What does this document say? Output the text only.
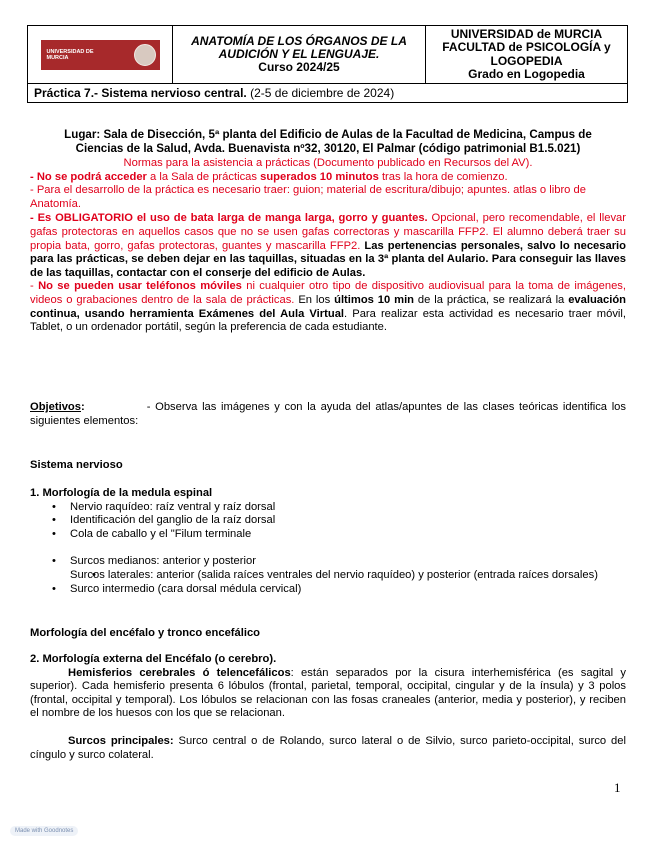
UNIVERSIDAD DE
MURCIA

ANATOMÍA DE LOS ÓRGANOS DE LA
AUDICIÓN Y EL LENGUAJE.
Curso 2024/25

UNIVERSIDAD de MURCIA
FACULTAD de PSICOLOGÍA y
LOGOPEDIA
Grado en Logopedia

Práctica 7.- Sistema nervioso central. (2-5 de diciembre de 2024)
Lugar: Sala de Disección, 5ª planta del Edificio de Aulas de la Facultad de Medicina, Campus de
Ciencias de la Salud, Avda. Buenavista nº32, 30120, El Palmar (código patrimonial B1.5.021)
Normas para la asistencia a prácticas (Documento publicado en Recursos del AV).
- No se podrá acceder a la Sala de prácticas superados 10 minutos tras la hora de comienzo.
- Para el desarrollo de la práctica es necesario traer: guion; material de escritura/dibujo; apuntes. atlas o libro de Anatomía.
- Es OBLIGATORIO el uso de bata larga de manga larga, gorro y guantes. Opcional, pero recomendable, el llevar gafas protectoras en aquellos casos que no se usen gafas correctoras y mascarilla FFP2. El alumno deberá traer su propia bata, gorro, gafas protectoras, guantes y mascarilla FFP2. Las pertenencias personales, salvo lo necesario para las prácticas, se deben dejar en las taquillas, situadas en la 3ª planta del Aulario. Para conseguir las llaves de las taquillas, contactar con el conserje del edificio de Aulas.
- No se pueden usar teléfonos móviles ni cualquier otro tipo de dispositivo audiovisual para la toma de imágenes, videos o grabaciones dentro de la sala de prácticas. En los últimos 10 min de la práctica, se realizará la evaluación continua, usando herramienta Exámenes del Aula Virtual. Para realizar esta actividad es necesario traer móvil, Tablet, o un ordenador portátil, según la preferencia de cada estudiante.
Objetivos:	- Observa las imágenes y con la ayuda del atlas/apuntes de las clases teóricas identifica los siguientes elementos:
Sistema nervioso
1. Morfología de la medula espinal
• Nervio raquídeo: raíz ventral y raíz dorsal
• Identificación del ganglio de la raíz dorsal
• Cola de caballo y el "Filum terminale
• Surcos medianos: anterior y posterior
• Surcos laterales: anterior (salida raíces ventrales del nervio raquídeo) y posterior (entrada raíces dorsales)
• Surco intermedio (cara dorsal médula cervical)
Morfología del encéfalo y tronco encefálico
2. Morfología externa del Encéfalo (o cerebro).
Hemisferios cerebrales ó telencefálicos: están separados por la cisura interhemisférica (es sagital y superior). Cada hemisferio presenta 6 lóbulos (frontal, parietal, temporal, occipital, cingular y de la ínsula) y 3 polos (frontal, occipital y temporal). Los lóbulos se relacionan con las fosas craneales (anterior, media y posterior), y reciben el nombre de los huesos con los que se relacionan.
Surcos principales: Surco central o de Rolando, surco lateral o de Silvio, surco parieto-occipital, surco del cíngulo y surco colateral.
1
Made with Goodnotes
